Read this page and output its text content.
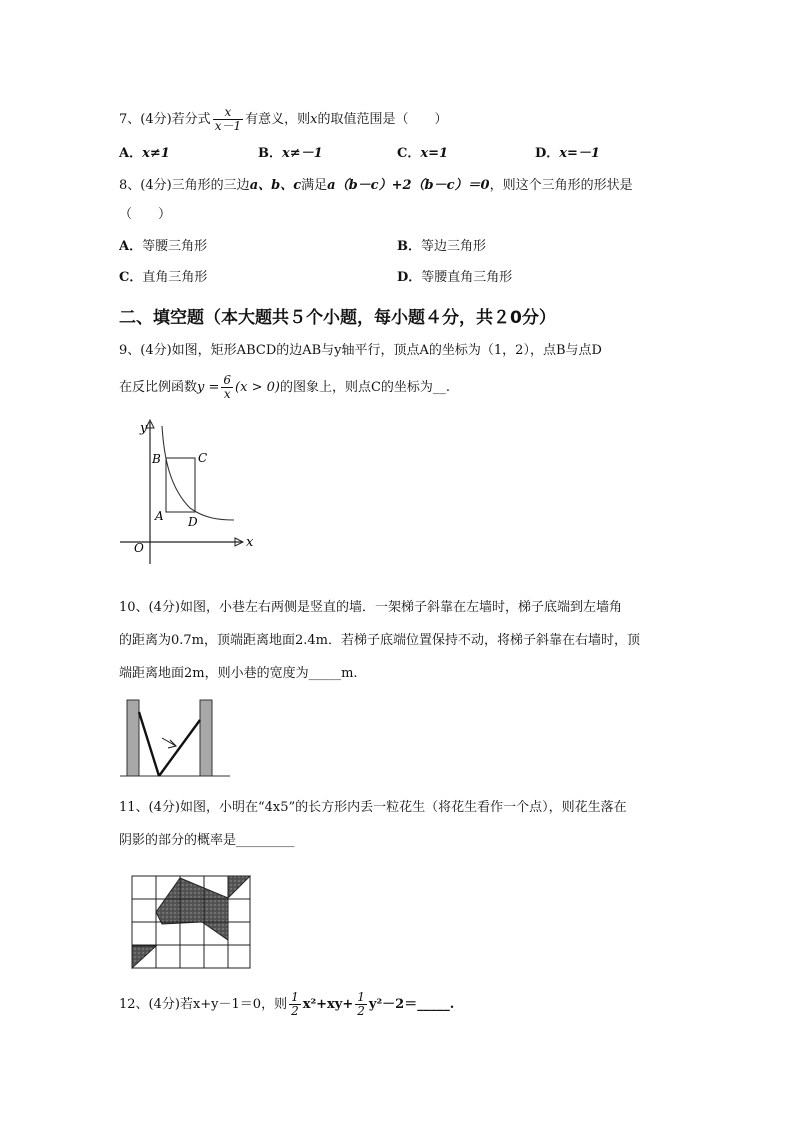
7、(4分)若分式 $\frac{x}{x-1}$ 有意义，则x的取值范围是（　　）
A．x≠1	B．x≠－1	C．x=1	D．x=－1
8、(4分)三角形的三边a、b、c满足a（b－c）+2（b－c）＝0，则这个三角形的形状是
（　　）
A．等腰三角形	B．等边三角形
C．直角三角形	D．等腰直角三角形
二、填空题（本大题共５个小题，每小题４分，共２0分）
9、(4分)如图，矩形ABCD的边AB与y轴平行，顶点A的坐标为（1，2），点B与点D
在反比例函数$y = \frac{6}{x} (x > 0)$的图象上，则点C的坐标为__.
y
x
O
B	C
A D
10、(4分)如图，小巷左右两侧是竖直的墙．一架梯子斜靠在左墙时，梯子底端到左墙角
的距离为0.7m，顶端距离地面2.4m．若梯子底端位置保持不动，将梯子斜靠在右墙时，顶
端距离地面2m，则小巷的宽度为_____m.
11、(4分)如图，小明在“4x5”的长方形内丢一粒花生（将花生看作一个点），则花生落在
阴影的部分的概率是_________
12、(4分)若x+y－1＝0，则 $\frac{1}{2} x^2+xy+ \frac{1}{2}$ y²－2＝_____.
